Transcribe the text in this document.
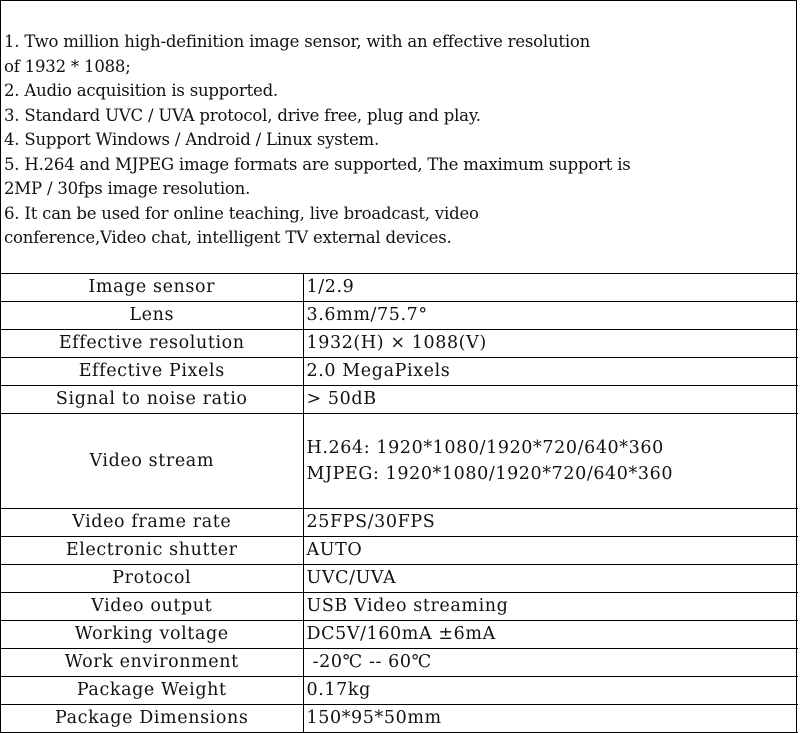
1. Two million high-definition image sensor, with an effective resolution
of 1932 * 1088;
2. Audio acquisition is supported.
3. Standard UVC / UVA protocol, drive free, plug and play.
4. Support Windows / Android / Linux system.
5. H.264 and MJPEG image formats are supported, The maximum support is
2MP / 30fps image resolution.
6. It can be used for online teaching, live broadcast, video
conference,Video chat, intelligent TV external devices.
Image sensor	1/2.9
Lens	3.6mm/75.7°
Effective resolution	1932(H) × 1088(V)
Effective Pixels	2.0 MegaPixels
Signal to noise ratio	> 50dB
Video stream	H.264: 1920*1080/1920*720/640*360
MJPEG: 1920*1080/1920*720/640*360

Video frame rate	25FPS/30FPS
Electronic shutter	AUTO
Protocol	UVC/UVA
Video output	USB Video streaming
Working voltage	DC5V/160mA ±6mA
Work environment	-20℃ -- 60℃
Package Weight	0.17kg
Package Dimensions	150*95*50mm
